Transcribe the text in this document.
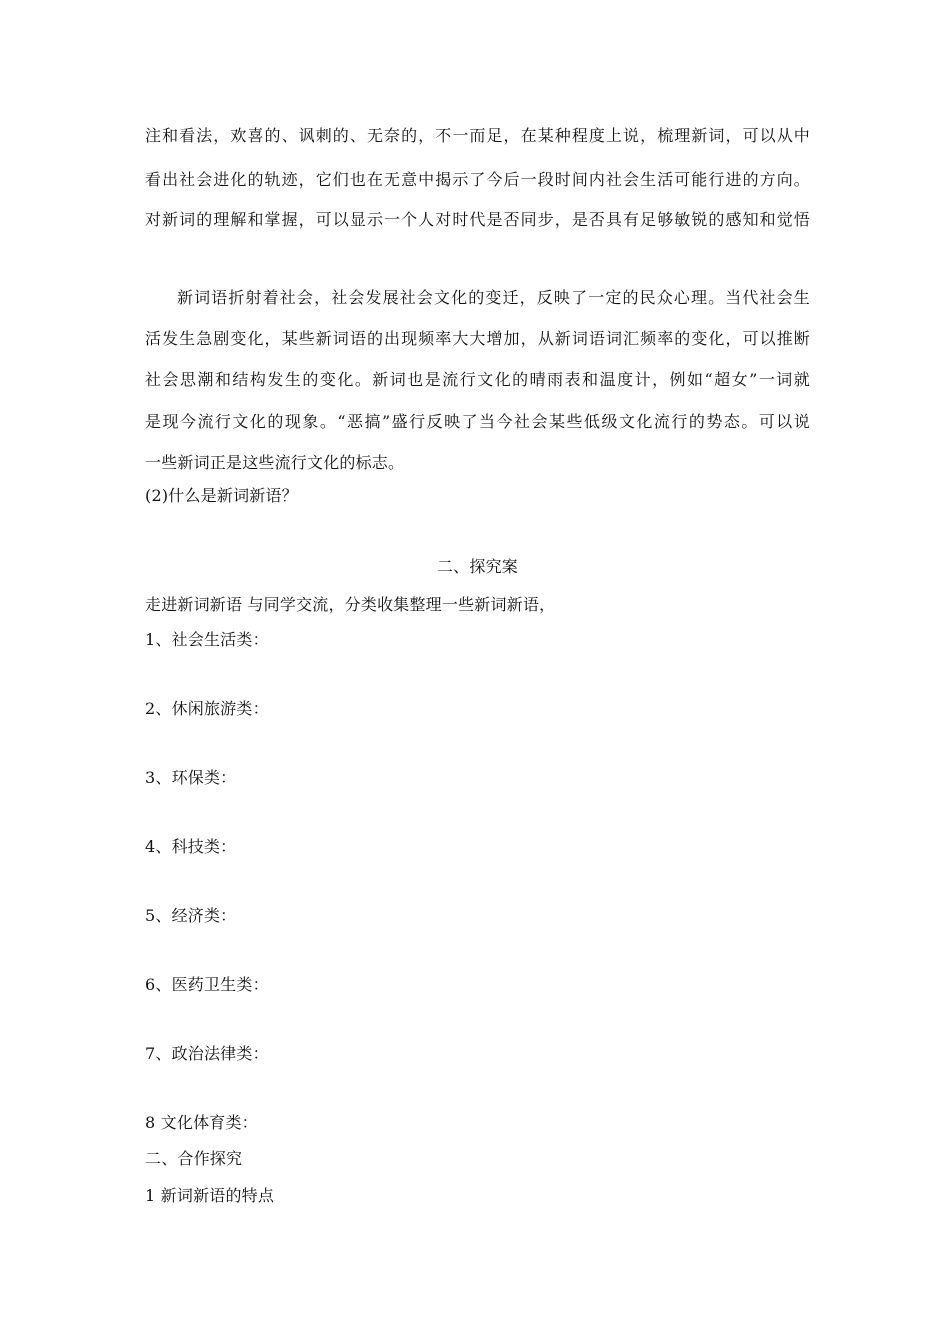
注和看法，欢喜的、讽刺的、无奈的，不一而足，在某种程度上说，梳理新词，可以从中
看出社会进化的轨迹，它们也在无意中揭示了今后一段时间内社会生活可能行进的方向。
对新词的理解和掌握，可以显示一个人对时代是否同步，是否具有足够敏锐的感知和觉悟
新词语折射着社会，社会发展社会文化的变迁，反映了一定的民众心理。当代社会生
活发生急剧变化，某些新词语的出现频率大大增加，从新词语词汇频率的变化，可以推断
社会思潮和结构发生的变化。新词也是流行文化的晴雨表和温度计，例如“超女”一词就
是现今流行文化的现象。“恶搞”盛行反映了当今社会某些低级文化流行的势态。可以说
一些新词正是这些流行文化的标志。
(2)什么是新词新语？
二、探究案
走进新词新语 与同学交流，分类收集整理一些新词新语，
1、社会生活类：
2、休闲旅游类：
3、环保类：
4、科技类：
5、经济类：
6、医药卫生类：
7、政治法律类：
8 文化体育类：
二、合作探究
1 新词新语的特点
